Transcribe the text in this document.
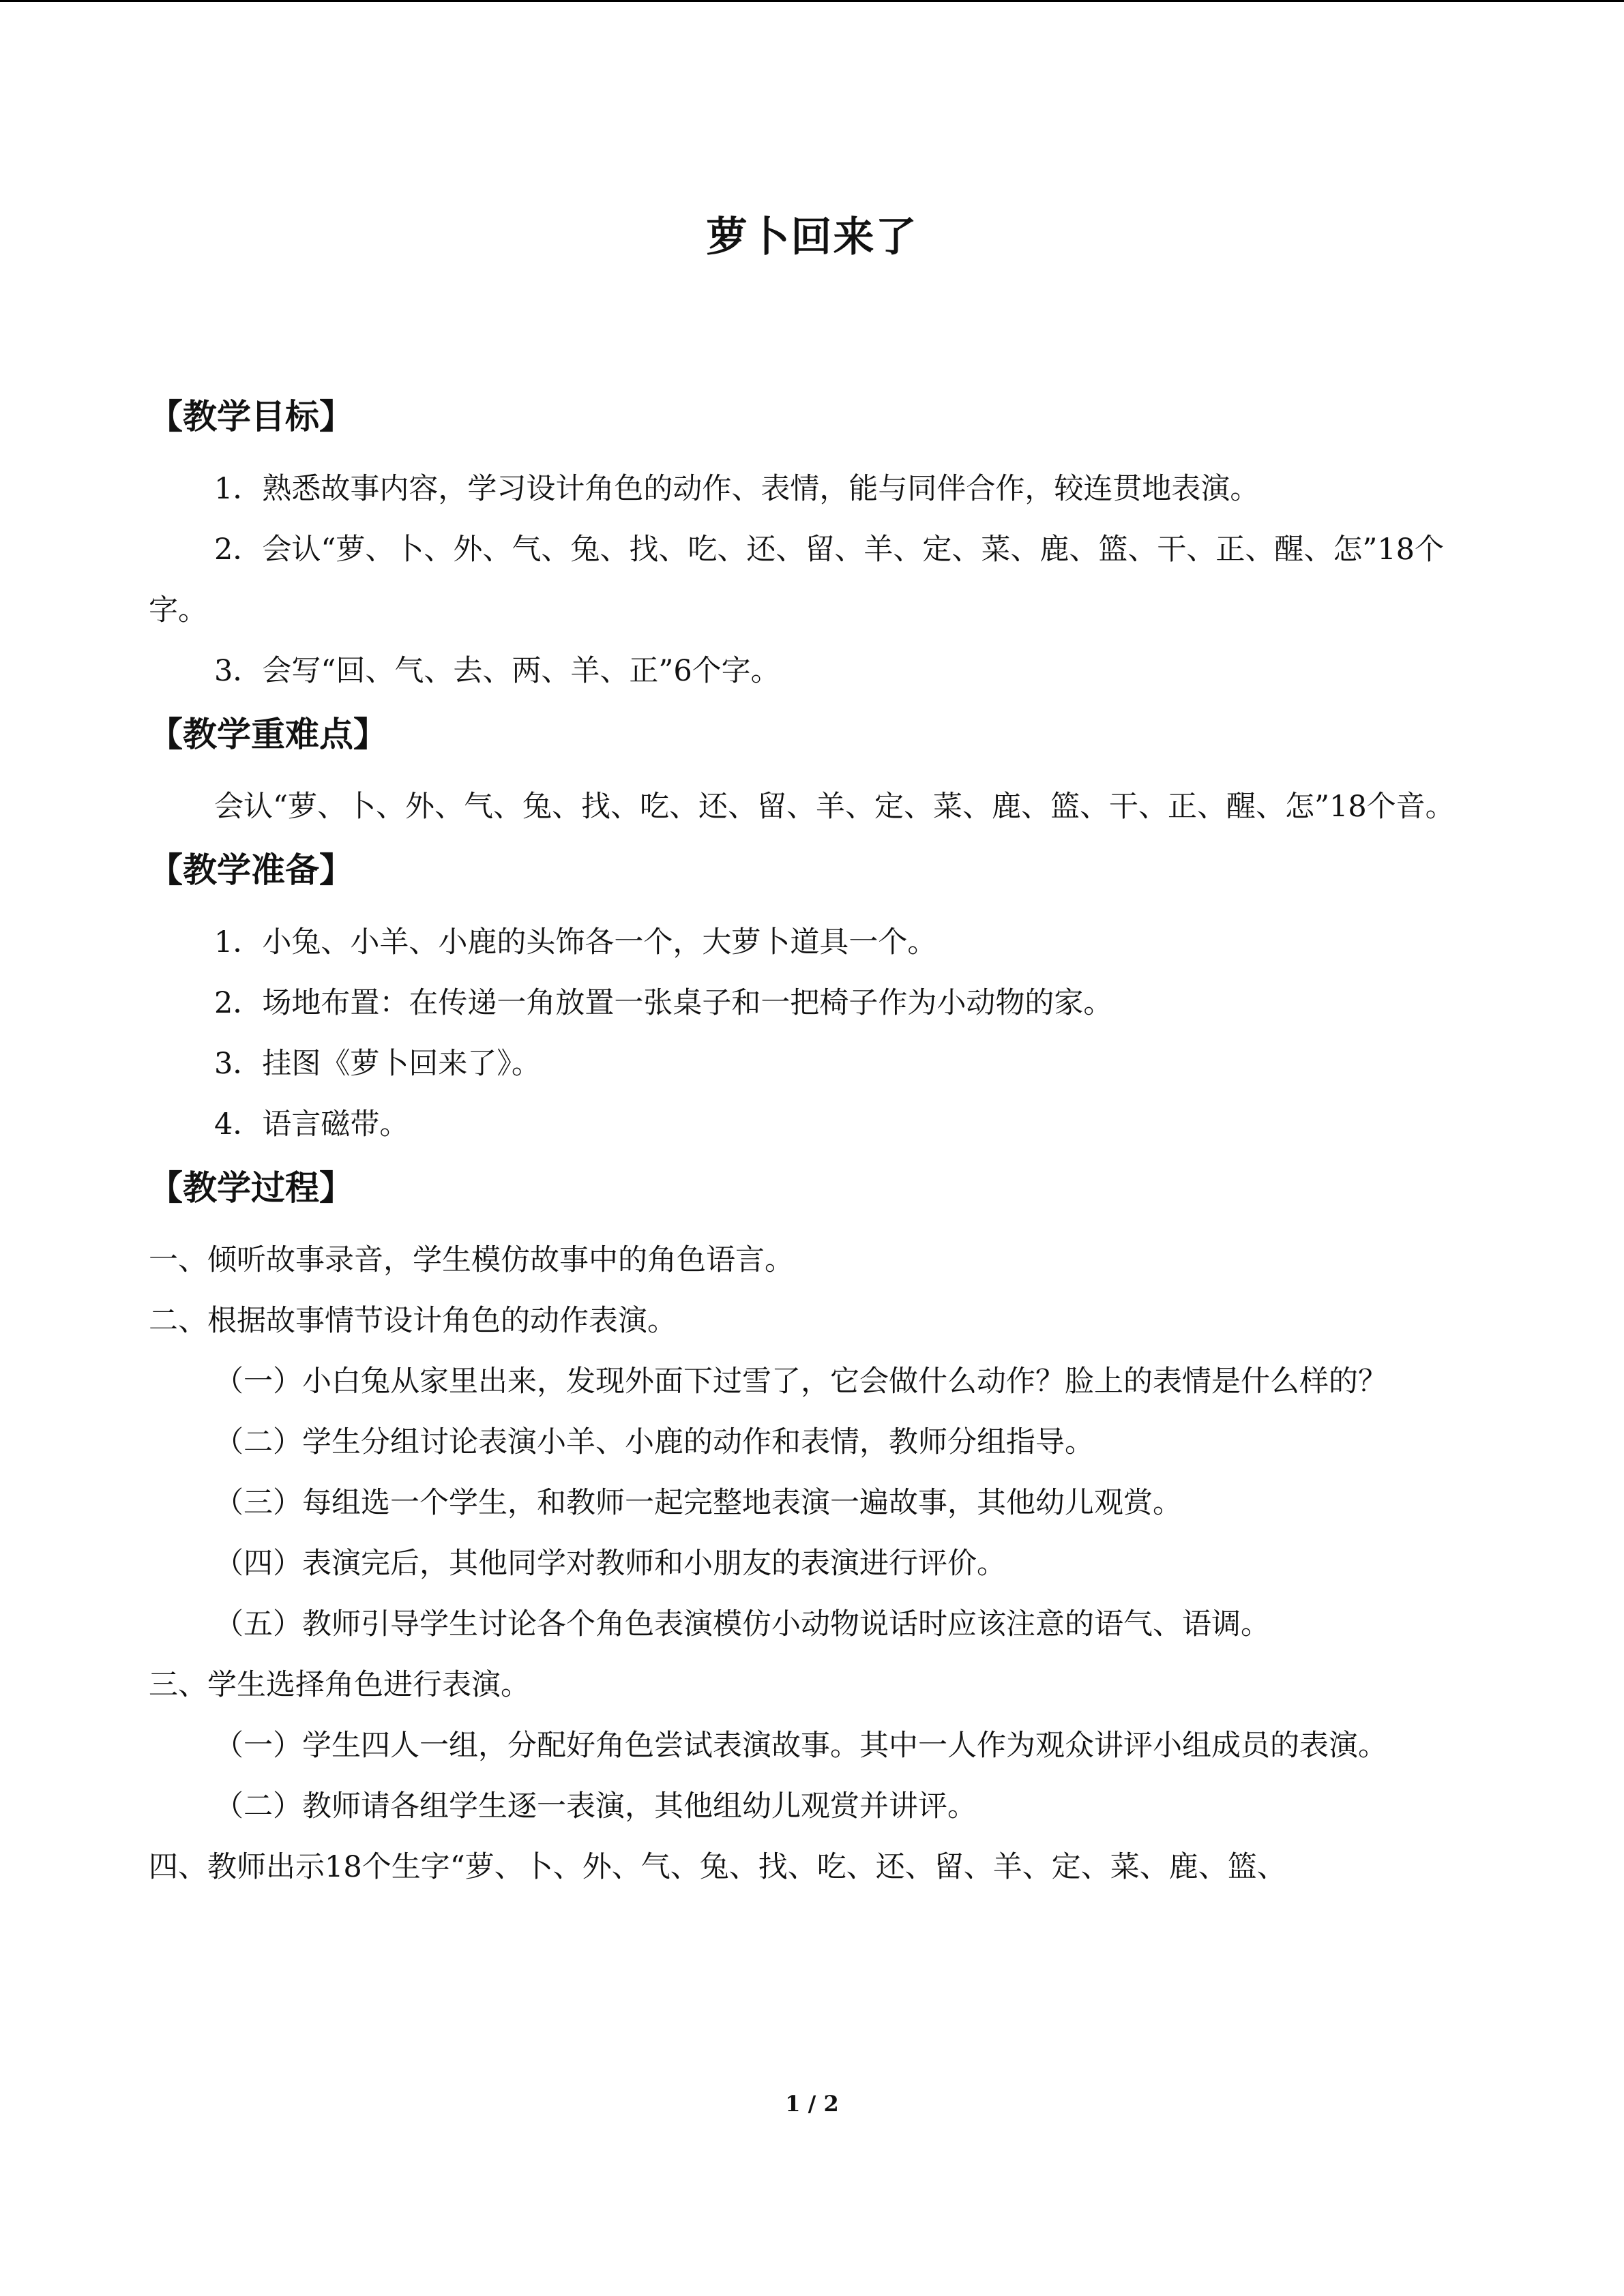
萝卜回来了
【教学目标】

1．熟悉故事内容，学习设计角色的动作、表情，能与同伴合作，较连贯地表演。

2．会认“萝、卜、外、气、兔、找、吃、还、留、羊、定、菜、鹿、篮、干、正、醒、怎”18个字。

3．会写“回、气、去、两、羊、正”6个字。

【教学重难点】

会认“萝、卜、外、气、兔、找、吃、还、留、羊、定、菜、鹿、篮、干、正、醒、怎”18个音。

【教学准备】

1．小兔、小羊、小鹿的头饰各一个，大萝卜道具一个。

2．场地布置：在传递一角放置一张桌子和一把椅子作为小动物的家。

3．挂图《萝卜回来了》。

4．语言磁带。

【教学过程】

一、倾听故事录音，学生模仿故事中的角色语言。

二、根据故事情节设计角色的动作表演。

（一）小白兔从家里出来，发现外面下过雪了，它会做什么动作？脸上的表情是什么样的？

（二）学生分组讨论表演小羊、小鹿的动作和表情，教师分组指导。

（三）每组选一个学生，和教师一起完整地表演一遍故事，其他幼儿观赏。

（四）表演完后，其他同学对教师和小朋友的表演进行评价。

（五）教师引导学生讨论各个角色表演模仿小动物说话时应该注意的语气、语调。

三、学生选择角色进行表演。

（一）学生四人一组，分配好角色尝试表演故事。其中一人作为观众讲评小组成员的表演。

（二）教师请各组学生逐一表演，其他组幼儿观赏并讲评。

四、教师出示18个生字“萝、卜、外、气、兔、找、吃、还、留、羊、定、菜、鹿、篮、

1 / 2
